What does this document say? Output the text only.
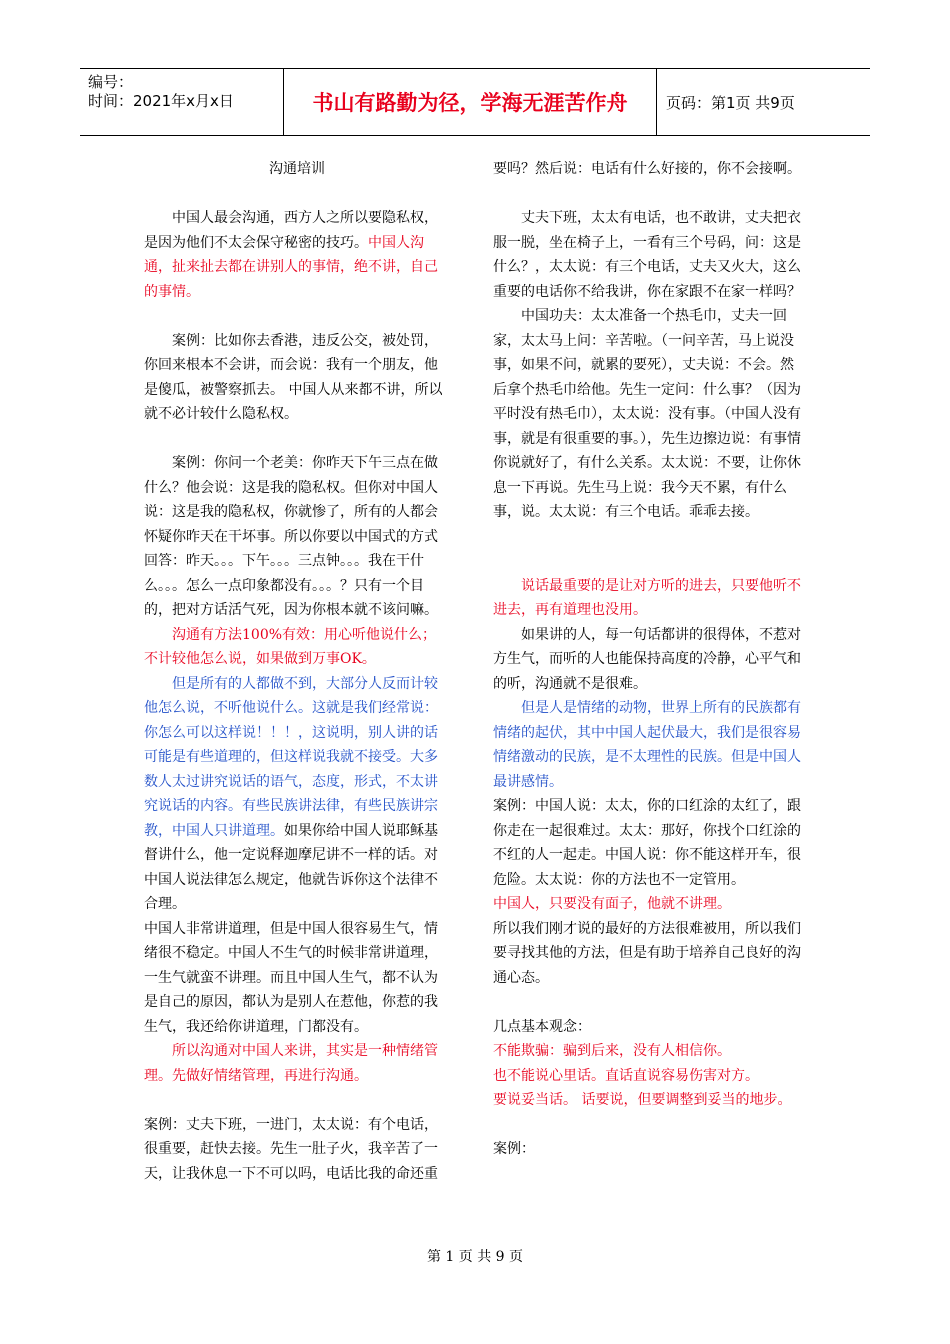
编号：
时间：2021年x月x日	书山有路勤为径，学海无涯苦作舟	页码：第1页 共9页

沟通培训

中国人最会沟通，西方人之所以要隐私权，是因为他们不太会保守秘密的技巧。中国人沟通，扯来扯去都在讲别人的事情，绝不讲，自己的事情。

案例：比如你去香港，违反公交，被处罚，你回来根本不会讲，而会说：我有一个朋友，他是傻瓜，被警察抓去。 中国人从来都不讲，所以就不必计较什么隐私权。

案例：你问一个老美：你昨天下午三点在做什么？他会说：这是我的隐私权。但你对中国人说：这是我的隐私权，你就惨了，所有的人都会怀疑你昨天在干坏事。所以你要以中国式的方式回答：昨天。。。下午。。。三点钟。。。我在干什么。。。怎么一点印象都没有。。。？只有一个目的，把对方话活气死，因为你根本就不该问嘛。

沟通有方法100%有效：用心听他说什么；不计较他怎么说，如果做到万事OK。

但是所有的人都做不到，大部分人反而计较他怎么说，不听他说什么。这就是我们经常说：你怎么可以这样说！！！，这说明，别人讲的话可能是有些道理的，但这样说我就不接受。大多数人太过讲究说话的语气，态度，形式，不太讲究说话的内容。有些民族讲法律，有些民族讲宗教，中国人只讲道理。如果你给中国人说耶稣基督讲什么，他一定说释迦摩尼讲不一样的话。对中国人说法律怎么规定，他就告诉你这个法律不合理。

中国人非常讲道理，但是中国人很容易生气，情绪很不稳定。中国人不生气的时候非常讲道理，一生气就蛮不讲理。而且中国人生气，都不认为是自己的原因，都认为是别人在惹他，你惹的我生气，我还给你讲道理，门都没有。

所以沟通对中国人来讲，其实是一种情绪管理。先做好情绪管理，再进行沟通。

案例：丈夫下班，一进门，太太说：有个电话，很重要，赶快去接。先生一肚子火，我辛苦了一天，让我休息一下不可以吗，电话比我的命还重

要吗？然后说：电话有什么好接的，你不会接啊。

丈夫下班，太太有电话，也不敢讲，丈夫把衣服一脱，坐在椅子上，一看有三个号码，问：这是什么？，太太说：有三个电话，丈夫又火大，这么重要的电话你不给我讲，你在家跟不在家一样吗？

中国功夫：太太准备一个热毛巾，丈夫一回家，太太马上问：辛苦啦。（一问辛苦，马上说没事，如果不问，就累的要死），丈夫说：不会。然后拿个热毛巾给他。先生一定问：什么事？（因为平时没有热毛巾），太太说：没有事。（中国人没有事，就是有很重要的事。），先生边擦边说：有事情你说就好了，有什么关系。太太说：不要，让你休息一下再说。先生马上说：我今天不累，有什么事，说。太太说：有三个电话。乖乖去接。

说话最重要的是让对方听的进去，只要他听不进去，再有道理也没用。

如果讲的人，每一句话都讲的很得体，不惹对方生气，而听的人也能保持高度的冷静，心平气和的听，沟通就不是很难。

但是人是情绪的动物，世界上所有的民族都有情绪的起伏，其中中国人起伏最大，我们是很容易情绪激动的民族，是不太理性的民族。但是中国人最讲感情。

案例：中国人说：太太，你的口红涂的太红了，跟你走在一起很难过。太太：那好，你找个口红涂的不红的人一起走。中国人说：你不能这样开车，很危险。太太说：你的方法也不一定管用。

中国人，只要没有面子，他就不讲理。

所以我们刚才说的最好的方法很难被用，所以我们要寻找其他的方法，但是有助于培养自己良好的沟通心态。

几点基本观念：

不能欺骗：骗到后来，没有人相信你。

也不能说心里话。直话直说容易伤害对方。

要说妥当话。 话要说，但要调整到妥当的地步。

案例：

第 1 页 共 9 页
